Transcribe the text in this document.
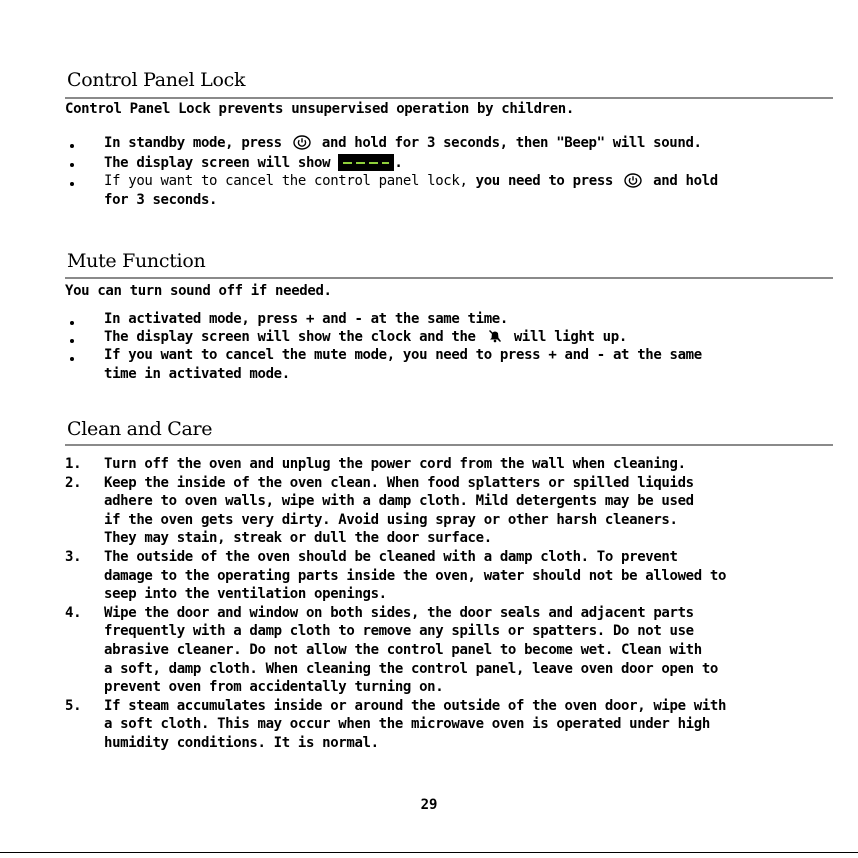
Control Panel Lock
Control Panel Lock prevents unsupervised operation by children.
In standby mode, press	and hold for 3 seconds, then "Beep" will sound.
The display screen will show	.
If you want to cancel the control panel lock, you need to press	and hold
for 3 seconds.
Mute Function
You can turn sound off if needed.
In activated mode, press + and - at the same time.
The display screen will show the clock and the	will light up.
If you want to cancel the mute mode, you need to press + and - at the same
time in activated mode.
Clean and Care
1. Turn off the oven and unplug the power cord from the wall when cleaning.
2. Keep the inside of the oven clean. When food splatters or spilled liquids
adhere to oven walls, wipe with a damp cloth. Mild detergents may be used
if the oven gets very dirty. Avoid using spray or other harsh cleaners.
They may stain, streak or dull the door surface.
3. The outside of the oven should be cleaned with a damp cloth. To prevent
damage to the operating parts inside the oven, water should not be allowed to
seep into the ventilation openings.
4. Wipe the door and window on both sides, the door seals and adjacent parts
frequently with a damp cloth to remove any spills or spatters. Do not use
abrasive cleaner. Do not allow the control panel to become wet. Clean with
a soft, damp cloth. When cleaning the control panel, leave oven door open to
prevent oven from accidentally turning on.
5. If steam accumulates inside or around the outside of the oven door, wipe with
a soft cloth. This may occur when the microwave oven is operated under high
humidity conditions. It is normal.
29
